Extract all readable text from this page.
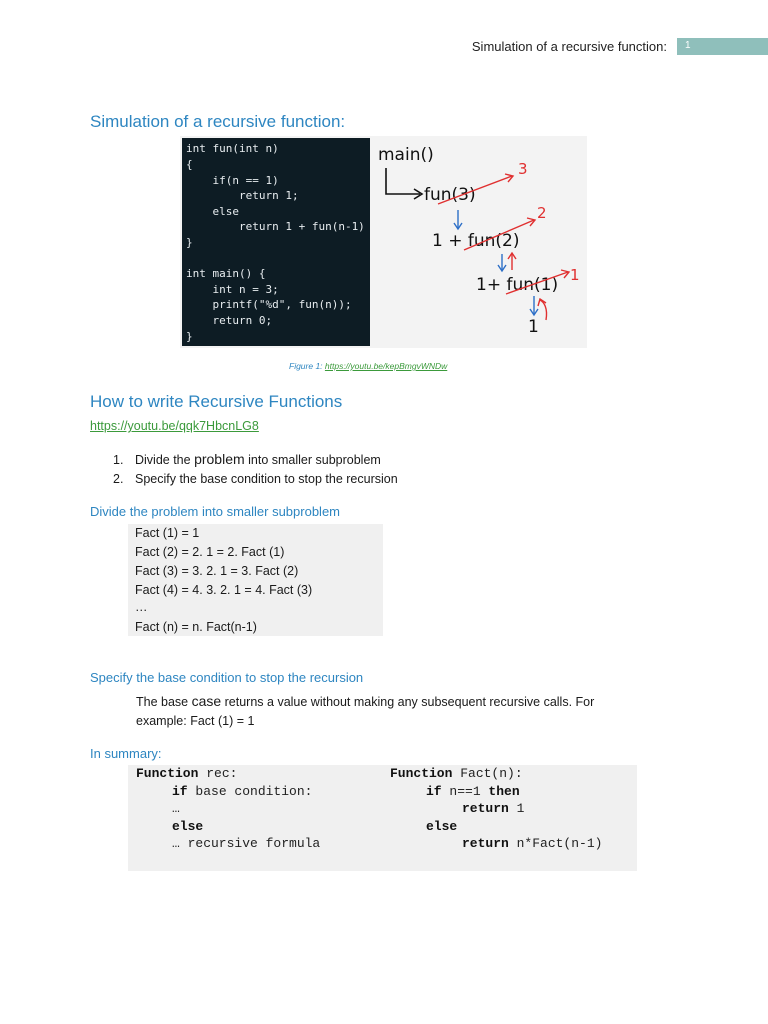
Simulation of a recursive function: 1
Simulation of a recursive function:
int fun(int n)
{
if(n == 1)
return 1;
else
return 1 + fun(n-1)
}
int main() {
int n = 3;
printf("%d", fun(n));
return 0;
}
main()
fun(3)
3
1 + fun(2)
2
1+ fun(1) 1
1
Figure 1: https://youtu.be/kepBmgvWNDw
How to write Recursive Functions
https://youtu.be/qqk7HbcnLG8
1. Divide the problem into smaller subproblem
2. Specify the base condition to stop the recursion
Divide the problem into smaller subproblem
Fact (1) = 1
Fact (2) = 2. 1 = 2. Fact (1)
Fact (3) = 3. 2. 1 = 3. Fact (2)
Fact (4) = 4. 3. 2. 1 = 4. Fact (3)
…
Fact (n) = n. Fact(n-1)
Specify the base condition to stop the recursion
The base case returns a value without making any subsequent recursive calls. For
example: Fact (1) = 1
In summary:
Function rec:
if base condition:
…
else
… recursive formula
Function Fact(n):
if n==1 then
return 1
else
return n*Fact(n-1)
